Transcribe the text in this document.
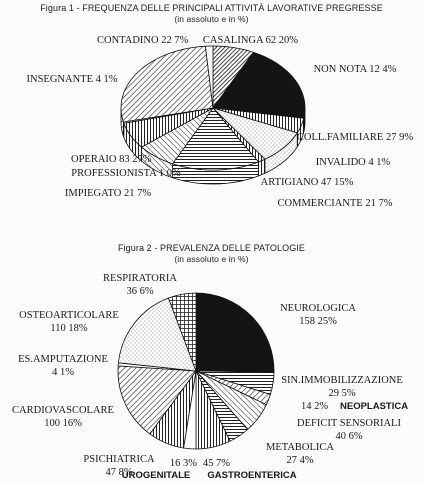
Figura 1 - FREQUENZA DELLE PRINCIPALI ATTIVITÀ LAVORATIVE PREGRESSE
(in assoluto e in %)
Figura 2 - PREVALENZA DELLE PATOLOGIE
(in assoluto e in %)
CONTADINO 22 7% CASALINGA 62 20%
NON NOTA 12 4%
COLL.FAMILIARE 27 9%
INVALIDO 4 1%
ARTIGIANO 47 15%
COMMERCIANTE 21 7%
IMPIEGATO 21 7%
PROFESSIONISTA 1 0%
OPERAIO 83 27%
INSEGNANTE 4 1%
NEUROLOGICA
158 25%
SIN.IMMOBILIZZAZIONE
29 5%
14 2% NEOPLASTICA
DEFICIT SENSORIALI
40 6%
METABOLICA
27 4%
45 7%
GASTROENTERICA
16 3%
UROGENITALE
PSICHIATRICA
47 8%
CARDIOVASCOLARE
100 16%
ES.AMPUTAZIONE
4 1%
OSTEOARTICOLARE
110 18%
RESPIRATORIA
36 6%
